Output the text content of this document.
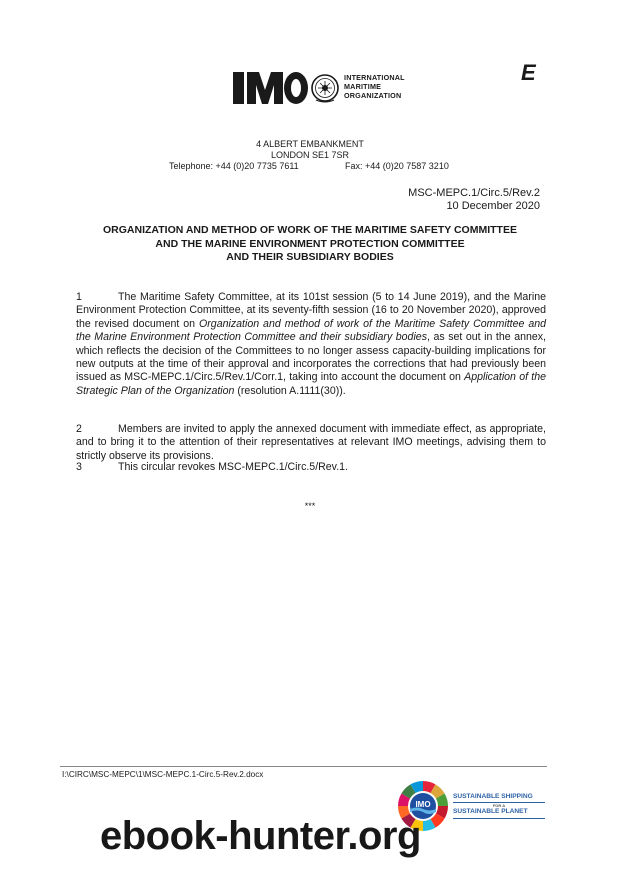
INTERNATIONAL
MARITIME
ORGANIZATION
E
4 ALBERT EMBANKMENT
LONDON SE1 7SR
Telephone: +44 (0)20 7735 7611	Fax: +44 (0)20 7587 3210
MSC-MEPC.1/Circ.5/Rev.2
10 December 2020
ORGANIZATION AND METHOD OF WORK OF THE MARITIME SAFETY COMMITTEE
AND THE MARINE ENVIRONMENT PROTECTION COMMITTEE
AND THEIR SUBSIDIARY BODIES
1	The Maritime Safety Committee, at its 101st session (5 to 14 June 2019), and the Marine Environment Protection Committee, at its seventy-fifth session (16 to 20 November 2020), approved the revised document on Organization and method of work of the Maritime Safety Committee and the Marine Environment Protection Committee and their subsidiary bodies, as set out in the annex, which reflects the decision of the Committees to no longer assess capacity-building implications for new outputs at the time of their approval and incorporates the corrections that had previously been issued as MSC-MEPC.1/Circ.5/Rev.1/Corr.1, taking into account the document on Application of the Strategic Plan of the Organization (resolution A.1111(30)).
2	Members are invited to apply the annexed document with immediate effect, as appropriate, and to bring it to the attention of their representatives at relevant IMO meetings, advising them to strictly observe its provisions.
3	This circular revokes MSC-MEPC.1/Circ.5/Rev.1.
***
I:\CIRC\MSC-MEPC\1\MSC-MEPC.1-Circ.5-Rev.2.docx
IMO
SUSTAINABLE SHIPPING
FOR A
SUSTAINABLE PLANET
ebook-hunter.org
